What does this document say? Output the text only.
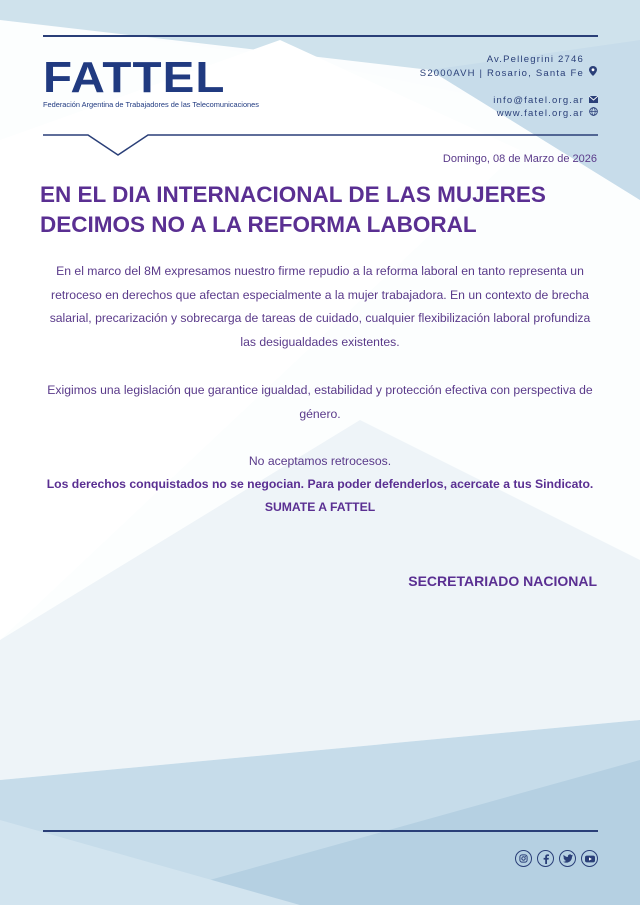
FATTEL
Federación Argentina de Trabajadores de las Telecomunicaciones
Av.Pellegrini 2746
S2000AVH | Rosario, Santa Fe
info@fatel.org.ar
www.fatel.org.ar
Domingo, 08 de Marzo de 2026
EN EL DIA INTERNACIONAL DE LAS MUJERES
DECIMOS NO A LA REFORMA LABORAL
En el marco del 8M expresamos nuestro firme repudio a la reforma laboral en tanto representa un retroceso en derechos que afectan especialmente a la mujer trabajadora. En un contexto de brecha salarial, precarización y sobrecarga de tareas de cuidado, cualquier flexibilización laboral profundiza las desigualdades existentes.
Exigimos una legislación que garantice igualdad, estabilidad y protección efectiva con perspectiva de género.
No aceptamos retrocesos.
Los derechos conquistados no se negocian. Para poder defenderlos, acercate a tus Sindicato.
SUMATE A FATTEL
SECRETARIADO NACIONAL
